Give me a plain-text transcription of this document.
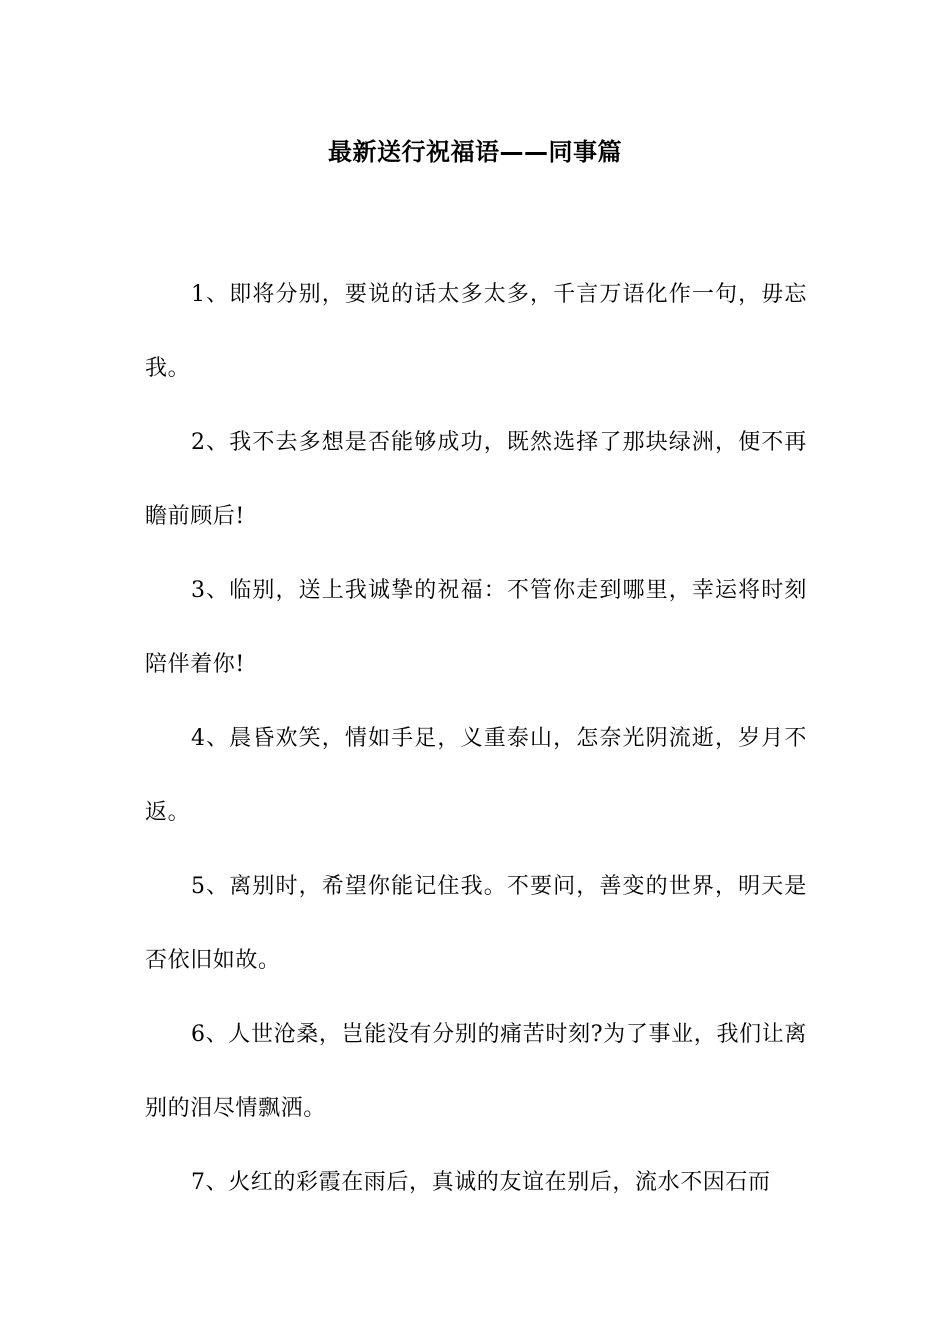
最新送行祝福语——同事篇

1、即将分别，要说的话太多太多，千言万语化作一句，毋忘我。

2、我不去多想是否能够成功，既然选择了那块绿洲，便不再瞻前顾后!

3、临别，送上我诚挚的祝福：不管你走到哪里，幸运将时刻陪伴着你!

4、晨昏欢笑，情如手足，义重泰山，怎奈光阴流逝，岁月不返。

5、离别时，希望你能记住我。不要问，善变的世界，明天是否依旧如故。

6、人世沧桑，岂能没有分别的痛苦时刻?为了事业，我们让离别的泪尽情飘洒。

7、火红的彩霞在雨后，真诚的友谊在别后，流水不因石而
